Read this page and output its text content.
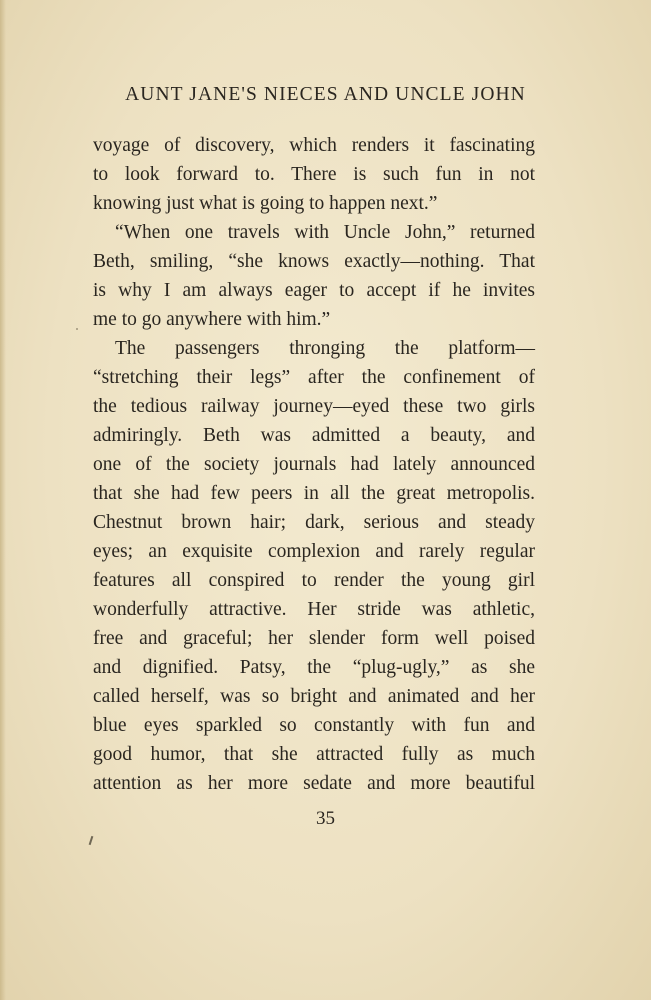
AUNT JANE'S NIECES AND UNCLE JOHN
voyage of discovery, which renders it fascinating
to look forward to. There is such fun in not
knowing just what is going to happen next.”
“When one travels with Uncle John,” returned
Beth, smiling, “she knows exactly—nothing. That
is why I am always eager to accept if he invites
me to go anywhere with him.”
The passengers thronging the platform—
“stretching their legs” after the confinement of
the tedious railway journey—eyed these two girls
admiringly. Beth was admitted a beauty, and
one of the society journals had lately announced
that she had few peers in all the great metropolis.
Chestnut brown hair; dark, serious and steady
eyes; an exquisite complexion and rarely regular
features all conspired to render the young girl
wonderfully attractive. Her stride was athletic,
free and graceful; her slender form well poised
and dignified. Patsy, the “plug-ugly,” as she
called herself, was so bright and animated and her
blue eyes sparkled so constantly with fun and
good humor, that she attracted fully as much
attention as her more sedate and more beautiful
35
